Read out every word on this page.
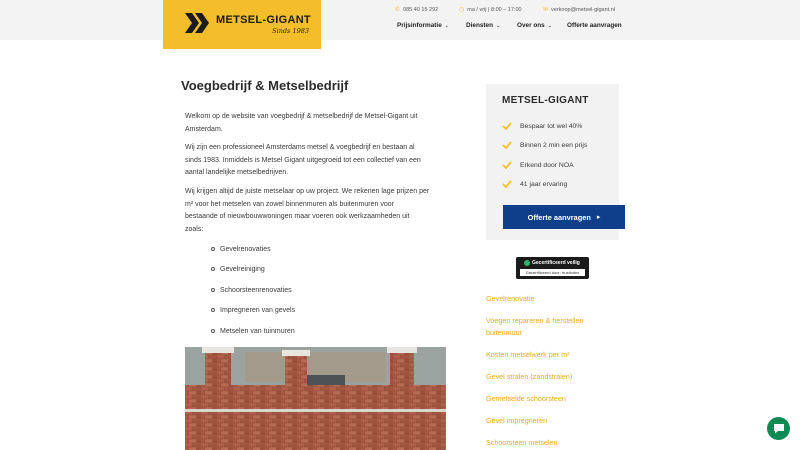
METSEL-GIGANT
Sinds 1983
✆ 085 40 15 292	◷ ma / vrij | 8:00 – 17:00	✉ verkoop@metsel-gigant.nl
Prijsinformatie ⌄	Diensten ⌄	Over ons ⌄ Offerte aanvragen
Voegbedrijf & Metselbedrijf
Welkom op de website van voegbedrijf & metselbedrijf de Metsel-Gigant uit
Amsterdam.
Wij zijn een professioneel Amsterdams metsel & voegbedrijf en bestaan al
sinds 1983. Inmiddels is Metsel Gigant uitgegroeid tot een collectief van een
aantal landelijke metselbedrijven.
Wij krijgen altijd de juiste metselaar op uw project. We rekenen lage prijzen per
m² voor het metselen van zowel binnenmuren als buitenmuren voor
bestaande of nieuwbouwwoningen maar voeren ook werkzaamheden uit
zoals:
Gevelrenovaties
Gevelreiniging
Schoorsteenrenovaties
Impregneren van gevels
Metselen van tuinmuren
METSEL-GIGANT
Bespaar tot wel 40%
Binnen 2 min een prijs
Erkend door NOA
41 jaar ervaring
Offerte aanvragen ▸
Gecertificeerd veilig
Gecertificeerd door: trustindex
Gevelrenovatie
Voegen repareren & herstellen buitenmuur
Kosten metselwerk per m²
Gevel stralen (zandstralen)
Gemetselde schoorsteen
Gevel impregneren
Schoorsteen metselen
